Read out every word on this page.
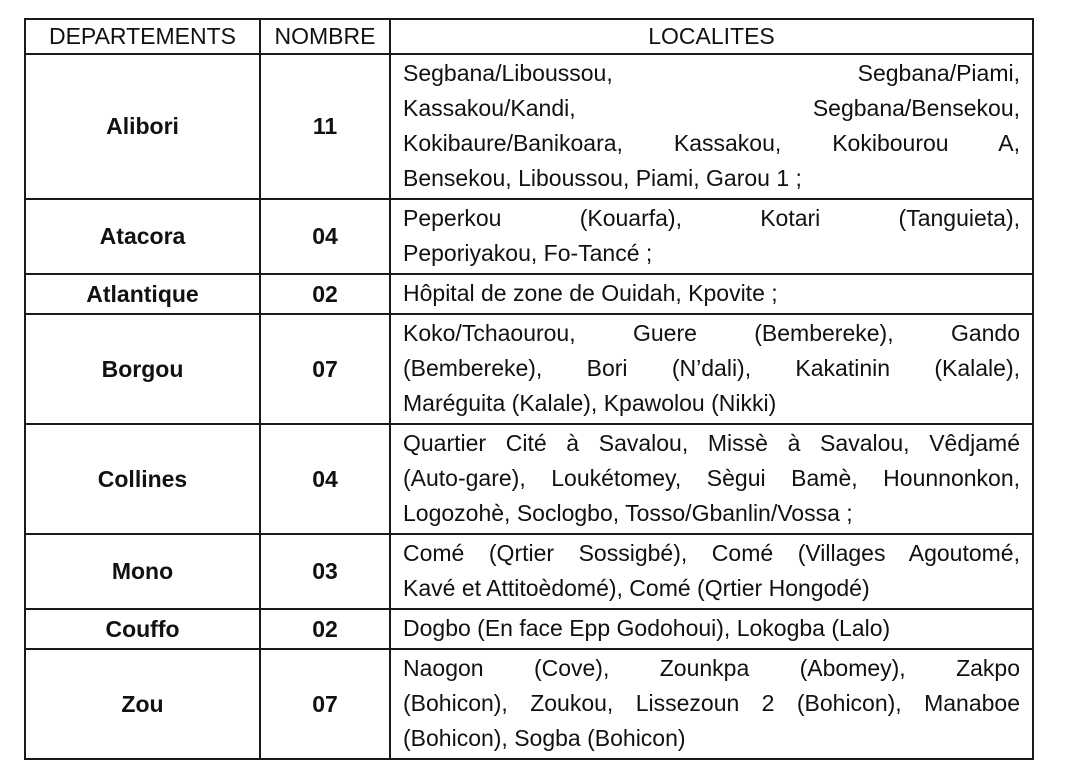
DEPARTEMENTS	NOMBRE	LOCALITES
Alibori	11	Segbana/Liboussou, Segbana/Piami,
Kassakou/Kandi, Segbana/Bensekou,
Kokibaure/Banikoara, Kassakou, Kokibourou A,
Bensekou, Liboussou, Piami, Garou 1 ;

Atacora	04	Peperkou (Kouarfa), Kotari (Tanguieta),
Peporiyakou, Fo-Tancé ;

Atlantique	02	Hôpital de zone de Ouidah, Kpovite ;

Borgou	07	Koko/Tchaourou, Guere (Bembereke), Gando
(Bembereke), Bori (N’dali), Kakatinin (Kalale),
Maréguita (Kalale), Kpawolou (Nikki)

Collines	04	Quartier Cité à Savalou, Missè à Savalou, Vêdjamé
(Auto-gare), Loukétomey, Sègui Bamè, Hounnonkon,
Logozohè, Soclogbo, Tosso/Gbanlin/Vossa ;

Mono	03	Comé (Qrtier Sossigbé), Comé (Villages Agoutomé,
Kavé et Attitoèdomé), Comé (Qrtier Hongodé)

Couffo	02	Dogbo (En face Epp Godohoui), Lokogba (Lalo)

Zou	07	Naogon (Cove), Zounkpa (Abomey), Zakpo
(Bohicon), Zoukou, Lissezoun 2 (Bohicon), Manaboe
(Bohicon), Sogba (Bohicon)
